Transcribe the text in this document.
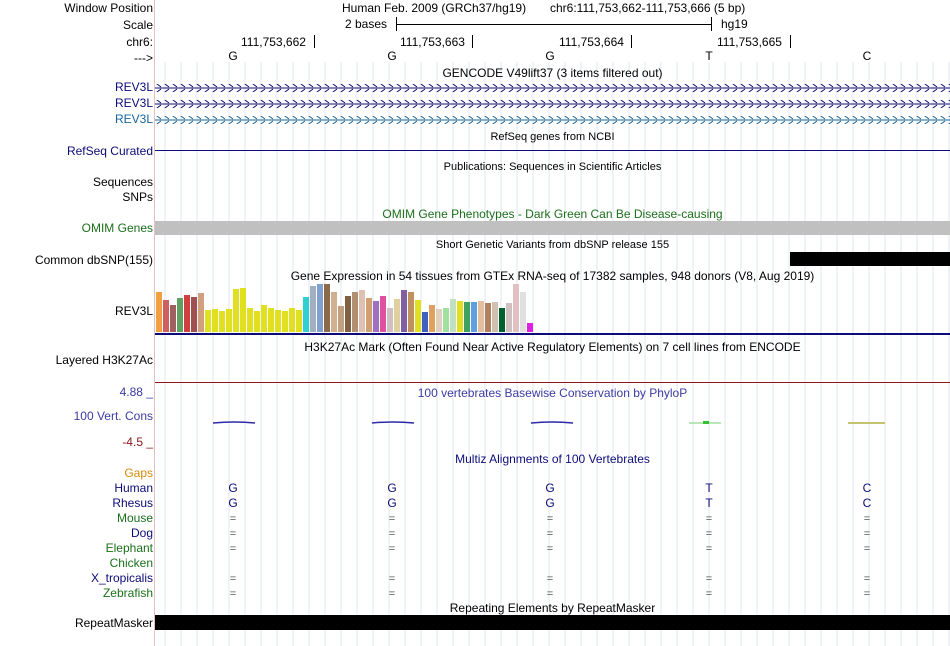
Window Position	Human Feb. 2009 (GRCh37/hg19) chr6:111,753,662-111,753,666 (5 bp)
Scale	2 bases	hg19
chr6:	111,753,662	111,753,663	111,753,664	111,753,665
--->	G	G	G	T	C
GENCODE V49lift37 (3 items filtered out)
REV3L
REV3L
REV3L
RefSeq genes from NCBI
RefSeq Curated
Publications: Sequences in Scientific Articles
Sequences
SNPs
OMIM Gene Phenotypes - Dark Green Can Be Disease-causing
OMIM Genes
Short Genetic Variants from dbSNP release 155
Common dbSNP(155)
Gene Expression in 54 tissues from GTEx RNA-seq of 17382 samples, 948 donors (V8, Aug 2019)
REV3L
H3K27Ac Mark (Often Found Near Active Regulatory Elements) on 7 cell lines from ENCODE
Layered H3K27Ac
4.88 _	100 vertebrates Basewise Conservation by PhyloP
100 Vert. Cons
-4.5 _
Multiz Alignments of 100 Vertebrates
Gaps
Human	G	G	G	T	C
Rhesus	G	G	G	T	C
Mouse	=	=	=	=	=
Dog	=	=	=	=	=
Elephant	=	=	=	=	=
Chicken
X_tropicalis	=	=	=	=	=
Zebrafish	=	=	=	=	=
Repeating Elements by RepeatMasker
RepeatMasker
